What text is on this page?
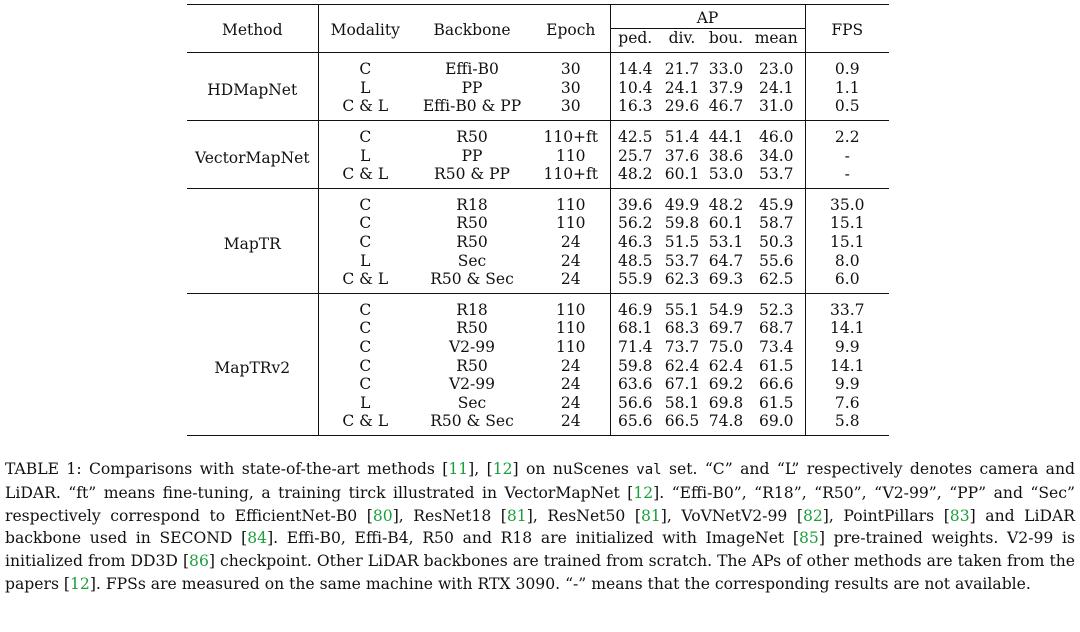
Method	Modality	Backbone	Epoch	AP				FPS
				ped.	div.	bou.	mean	
HDMapNet	C	Effi-B0	30	14.4	21.7	33.0	23.0	0.9
	L	PP	30	10.4	24.1	37.9	24.1	1.1
	C & L	Effi-B0 & PP	30	16.3	29.6	46.7	31.0	0.5
VectorMapNet	C	R50	110+ft	42.5	51.4	44.1	46.0	2.2
	L	PP	110	25.7	37.6	38.6	34.0	-
	C & L	R50 & PP	110+ft	48.2	60.1	53.0	53.7	-
MapTR	C	R18	110	39.6	49.9	48.2	45.9	35.0
	C	R50	110	56.2	59.8	60.1	58.7	15.1
	C	R50	24	46.3	51.5	53.1	50.3	15.1
	L	Sec	24	48.5	53.7	64.7	55.6	8.0
	C & L	R50 & Sec	24	55.9	62.3	69.3	62.5	6.0
MapTRv2	C	R18	110	46.9	55.1	54.9	52.3	33.7
	C	R50	110	68.1	68.3	69.7	68.7	14.1
	C	V2-99	110	71.4	73.7	75.0	73.4	9.9
	C	R50	24	59.8	62.4	62.4	61.5	14.1
	C	V2-99	24	63.6	67.1	69.2	66.6	9.9
	L	Sec	24	56.6	58.1	69.8	61.5	7.6
	C & L	R50 & Sec	24	65.6	66.5	74.8	69.0	5.8
TABLE 1: Comparisons with state-of-the-art methods [11], [12] on nuScenes val set. “C” and “L” respectively denotes camera and LiDAR. “ft” means fine-tuning, a training tirck illustrated in VectorMapNet [12]. “Effi-B0”, “R18”, “R50”, “V2-99”, “PP” and “Sec” respectively correspond to EfficientNet-B0 [80], ResNet18 [81], ResNet50 [81], VoVNetV2-99 [82], PointPillars [83] and LiDAR backbone used in SECOND [84]. Effi-B0, Effi-B4, R50 and R18 are initialized with ImageNet [85] pre-trained weights. V2-99 is initialized from DD3D [86] checkpoint. Other LiDAR backbones are trained from scratch. The APs of other methods are taken from the papers [12]. FPSs are measured on the same machine with RTX 3090. “-” means that the corresponding results are not available.
